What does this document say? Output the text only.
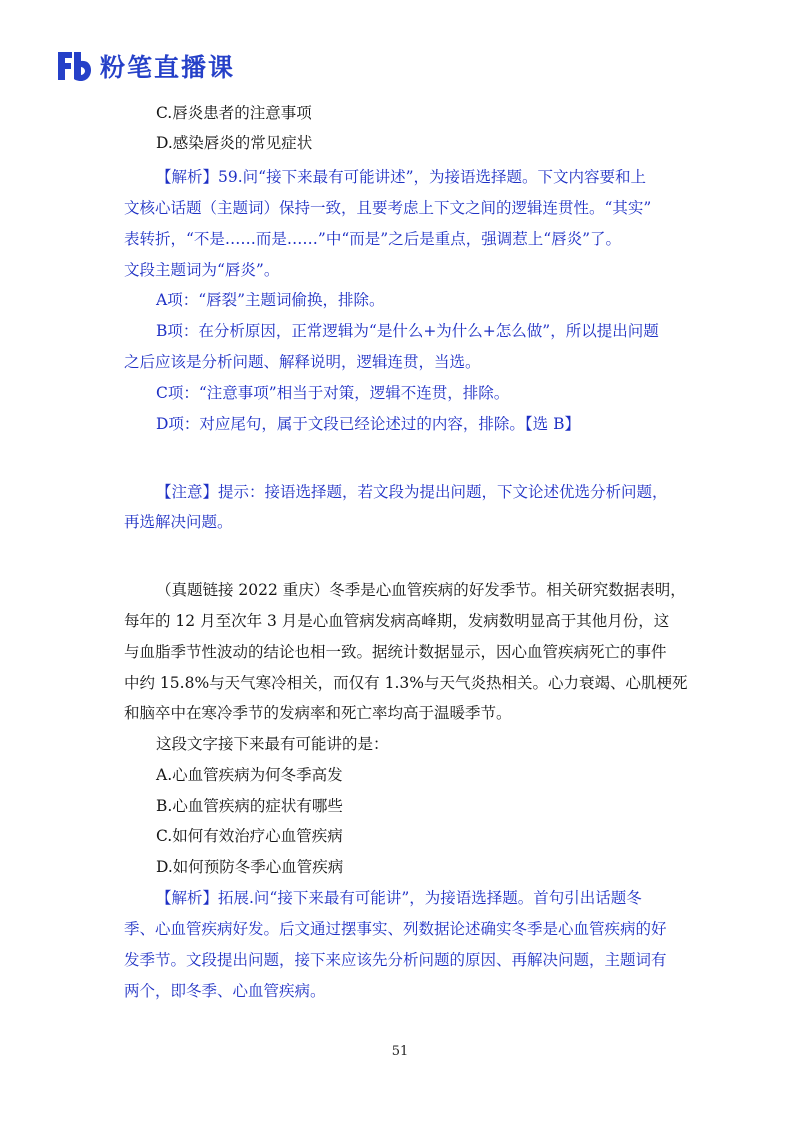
粉笔直播课
C.唇炎患者的注意事项
D.感染唇炎的常见症状
【解析】59.问“接下来最有可能讲述”，为接语选择题。下文内容要和上
文核心话题（主题词）保持一致，且要考虑上下文之间的逻辑连贯性。“其实”
表转折，“不是……而是……”中“而是”之后是重点，强调惹上“唇炎”了。
文段主题词为“唇炎”。
A项：“唇裂”主题词偷换，排除。
B项：在分析原因，正常逻辑为“是什么+为什么+怎么做”，所以提出问题
之后应该是分析问题、解释说明，逻辑连贯，当选。
C项：“注意事项”相当于对策，逻辑不连贯，排除。
D项：对应尾句，属于文段已经论述过的内容，排除。【选 B】
【注意】提示：接语选择题，若文段为提出问题，下文论述优选分析问题，
再选解决问题。
（真题链接 2022 重庆）冬季是心血管疾病的好发季节。相关研究数据表明，
每年的 12 月至次年 3 月是心血管病发病高峰期，发病数明显高于其他月份，这
与血脂季节性波动的结论也相一致。据统计数据显示，因心血管疾病死亡的事件
中约 15.8%与天气寒冷相关，而仅有 1.3%与天气炎热相关。心力衰竭、心肌梗死
和脑卒中在寒冷季节的发病率和死亡率均高于温暖季节。
这段文字接下来最有可能讲的是：
A.心血管疾病为何冬季高发
B.心血管疾病的症状有哪些
C.如何有效治疗心血管疾病
D.如何预防冬季心血管疾病
【解析】拓展.问“接下来最有可能讲”，为接语选择题。首句引出话题冬
季、心血管疾病好发。后文通过摆事实、列数据论述确实冬季是心血管疾病的好
发季节。文段提出问题，接下来应该先分析问题的原因、再解决问题，主题词有
两个，即冬季、心血管疾病。
51
